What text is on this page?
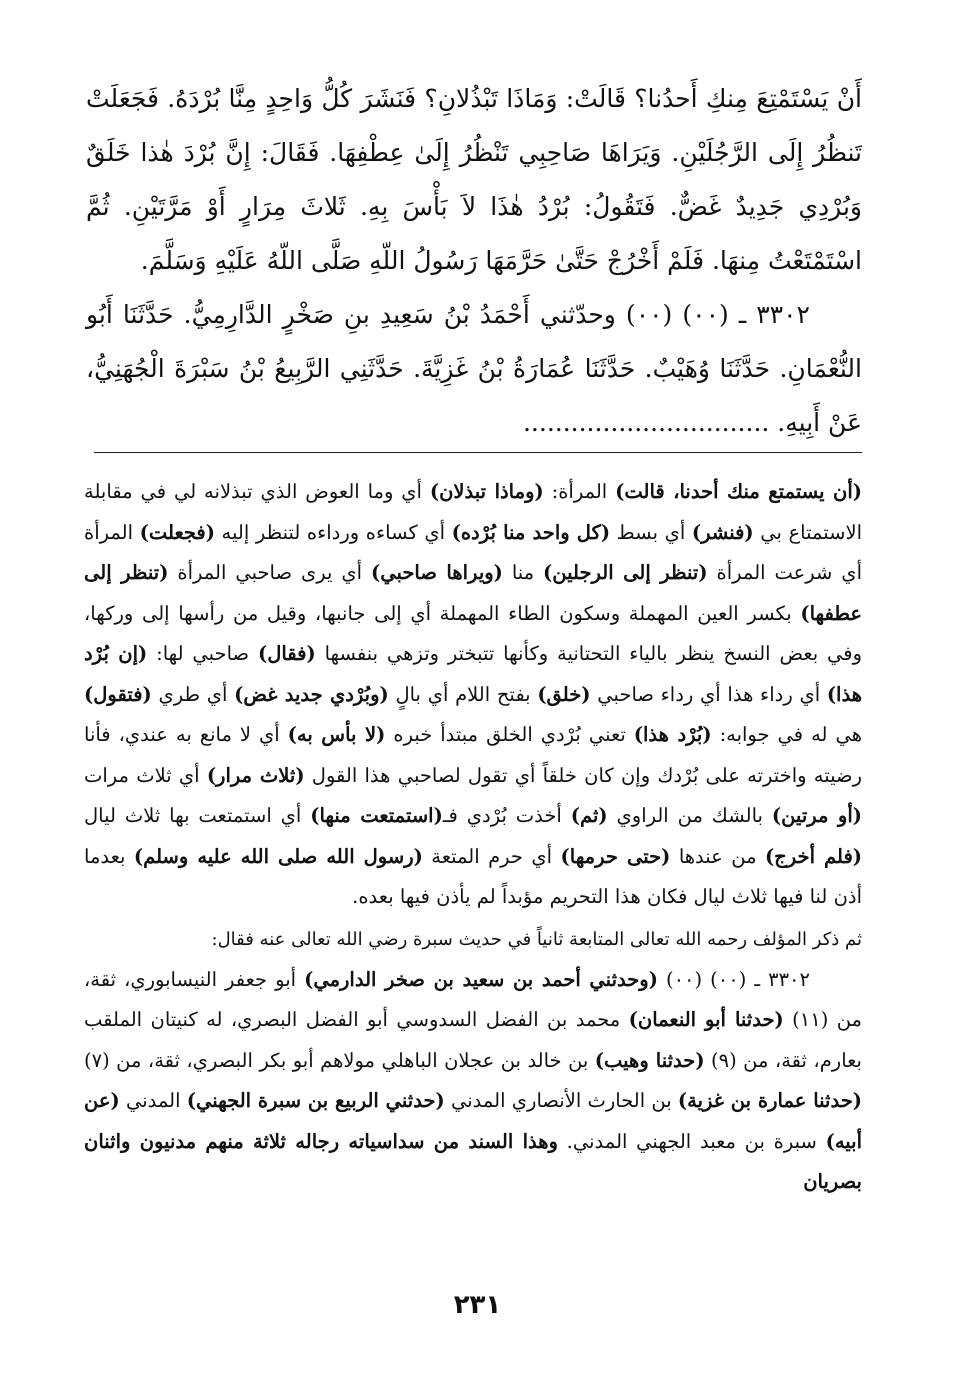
أَنْ يَسْتَمْتِعَ مِنكِ أَحدُنا؟ قَالَتْ: وَمَاذَا تَبْذُلانِ؟ فَنَشَرَ كُلُّ وَاحِدٍ مِنَّا بُرْدَهُ. فَجَعَلَتْ تَنظُرُ إِلَى الرَّجُلَيْنِ. وَيَرَاهَا صَاحِبِي تَنْظُرُ إِلَىٰ عِطْفِهَا. فَقَالَ: إِنَّ بُرْدَ هٰذا خَلَقٌ وَبُرْدِي جَدِيدٌ غَضٌّ. فَتَقُولُ: بُرْدُ هٰذَا لاَ بَأْسَ بِهِ. ثَلاثَ مِرَارٍ أَوْ مَرَّتَيْنِ. ثُمَّ اسْتَمْتَعْتُ مِنهَا. فَلَمْ أَخْرُجْ حَتَّىٰ حَرَّمَهَا رَسُولُ اللّهِ صَلَّى اللّهُ عَلَيْهِ وَسَلَّمَ.

٣٣٠٢ ـ (٠٠) (٠٠) وحدّثني أَحْمَدُ بْنُ سَعِيدِ بنِ صَخْرٍ الدَّارِمِيُّ. حَدَّثَنَا أَبُو النُّعْمَانِ. حَدَّثَنَا وُهَيْبٌ. حَدَّثَنَا عُمَارَةُ بْنُ غَزِيَّةَ. حَدَّثَنِي الرَّبِيعُ بْنُ سَبْرَةَ الْجُهَنِيُّ، عَنْ أَبِيهِ. ...............................

(أن يستمتع منك أحدنا، قالت) المرأة: (وماذا تبذلان) أي وما العوض الذي تبذلانه لي في مقابلة الاستمتاع بي (فنشر) أي بسط (كل واحد منا بُرْده) أي كساءه ورداءه لتنظر إليه (فجعلت) المرأة أي شرعت المرأة (تنظر إلى الرجلين) منا (ويراها صاحبي) أي يرى صاحبي المرأة (تنظر إلى عطفها) بكسر العين المهملة وسكون الطاء المهملة أي إلى جانبها، وقيل من رأسها إلى وركها، وفي بعض النسخ ينظر بالياء التحتانية وكأنها تتبختر وتزهي بنفسها (فقال) صاحبي لها: (إن بُرْد هذا) أي رداء هذا أي رداء صاحبي (خلق) بفتح اللام أي بالٍ (وبُرْدي جديد غض) أي طري (فتقول) هي له في جوابه: (بُرْد هذا) تعني بُرْدي الخلق مبتدأ خبره (لا بأس به) أي لا مانع به عندي، فأنا رضيته واخترته على بُرْدك وإن كان خلقاً أي تقول لصاحبي هذا القول (ثلاث مرار) أي ثلاث مرات (أو مرتين) بالشك من الراوي (ثم) أخذت بُرْدي فـ(استمتعت منها) أي استمتعت بها ثلاث ليال (فلم أخرج) من عندها (حتى حرمها) أي حرم المتعة (رسول الله صلى الله عليه وسلم) بعدما أذن لنا فيها ثلاث ليال فكان هذا التحريم مؤبداً لم يأذن فيها بعده.

ثم ذكر المؤلف رحمه الله تعالى المتابعة ثانياً في حديث سبرة رضي الله تعالى عنه فقال:

٣٣٠٢ ـ (٠٠) (٠٠) (وحدثني أحمد بن سعيد بن صخر الدارمي) أبو جعفر النيسابوري، ثقة، من (١١) (حدثنا أبو النعمان) محمد بن الفضل السدوسي أبو الفضل البصري، له كنيتان الملقب بعارم، ثقة، من (٩) (حدثنا وهيب) بن خالد بن عجلان الباهلي مولاهم أبو بكر البصري، ثقة، من (٧) (حدثنا عمارة بن غزية) بن الحارث الأنصاري المدني (حدثني الربيع بن سبرة الجهني) المدني (عن أبيه) سبرة بن معبد الجهني المدني. وهذا السند من سداسياته رجاله ثلاثة منهم مدنيون واثنان بصريان

٢٣١
